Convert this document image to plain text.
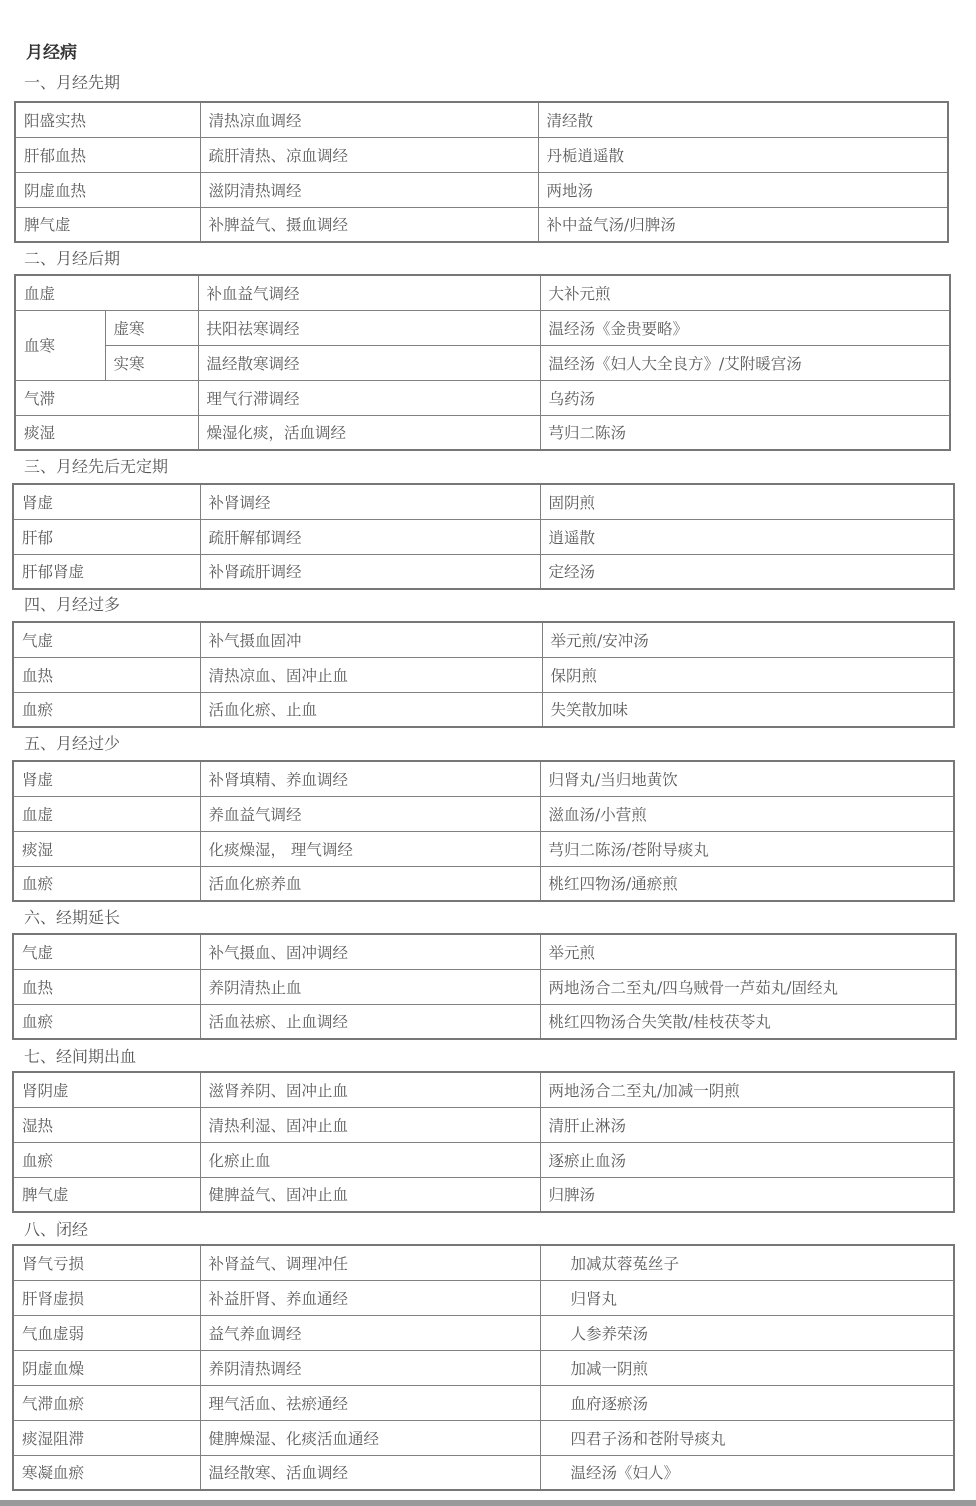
月经病
一、月经先期
阳盛实热	清热凉血调经	清经散
肝郁血热	疏肝清热、凉血调经	丹栀逍遥散
阴虚血热	滋阴清热调经	两地汤
脾气虚	补脾益气、摄血调经	补中益气汤/归脾汤
二、月经后期
血虚		补血益气调经	大补元煎
血寒	虚寒	扶阳祛寒调经	温经汤《金贵要略》
	实寒	温经散寒调经	温经汤《妇人大全良方》/艾附暖宫汤
气滞		理气行滞调经	乌药汤
痰湿		燥湿化痰，活血调经	芎归二陈汤
三、月经先后无定期
肾虚	补肾调经	固阴煎
肝郁	疏肝解郁调经	逍遥散
肝郁肾虚	补肾疏肝调经	定经汤
四、月经过多
气虚	补气摄血固冲	举元煎/安冲汤
血热	清热凉血、固冲止血	保阴煎
血瘀	活血化瘀、止血	失笑散加味
五、月经过少
肾虚	补肾填精、养血调经	归肾丸/当归地黄饮
血虚	养血益气调经	滋血汤/小营煎
痰湿	化痰燥湿， 理气调经	芎归二陈汤/苍附导痰丸
血瘀	活血化瘀养血	桃红四物汤/通瘀煎
六、经期延长
气虚	补气摄血、固冲调经	举元煎
血热	养阴清热止血	两地汤合二至丸/四乌贼骨一芦茹丸/固经丸
血瘀	活血祛瘀、止血调经	桃红四物汤合失笑散/桂枝茯苓丸
七、经间期出血
肾阴虚	滋肾养阴、固冲止血	两地汤合二至丸/加减一阴煎
湿热	清热利湿、固冲止血	清肝止淋汤
血瘀	化瘀止血	逐瘀止血汤
脾气虚	健脾益气、固冲止血	归脾汤
八、闭经
肾气亏损	补肾益气、调理冲任	加减苁蓉菟丝子
肝肾虚损	补益肝肾、养血通经	归肾丸
气血虚弱	益气养血调经	人参养荣汤
阴虚血燥	养阴清热调经	加减一阴煎
气滞血瘀	理气活血、祛瘀通经	血府逐瘀汤
痰湿阻滞	健脾燥湿、化痰活血通经	四君子汤和苍附导痰丸
寒凝血瘀	温经散寒、活血调经	温经汤《妇人》
